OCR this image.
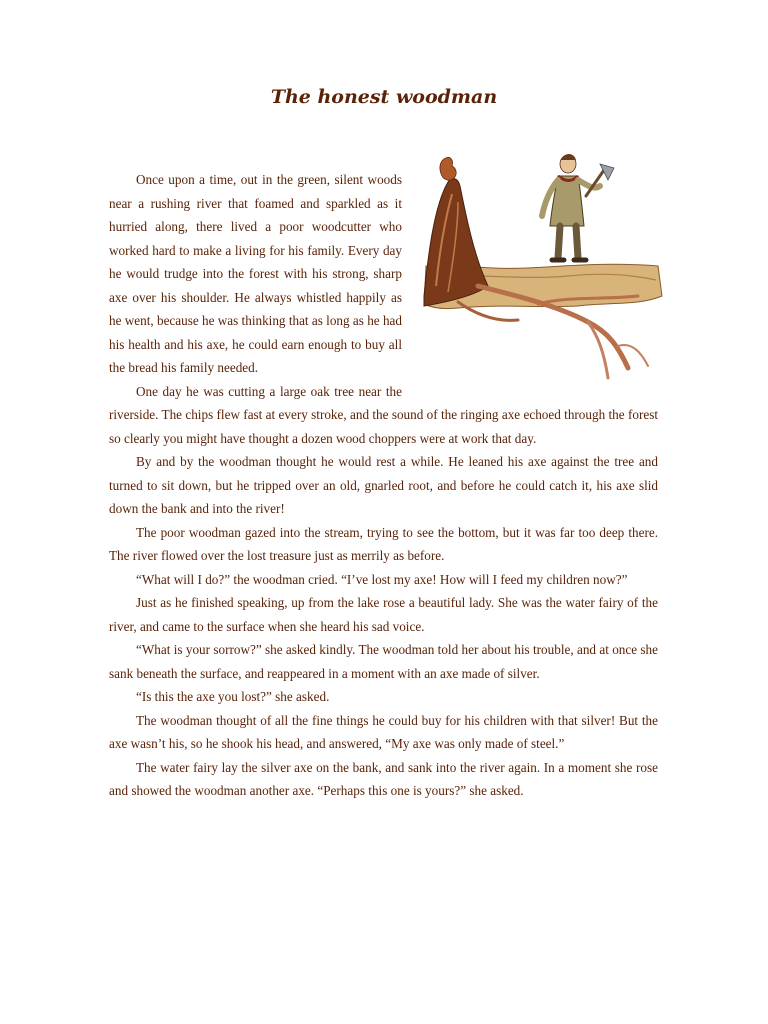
The honest woodman

Once upon a time, out in the green, silent woods near a rushing river that foamed and sparkled as it hurried along, there lived a poor woodcutter who worked hard to make a living for his family. Every day he would trudge into the forest with his strong, sharp axe over his shoulder. He always whistled happily as he went, because he was thinking that as long as he had his health and his axe, he could earn enough to buy all the bread his family needed.

One day he was cutting a large oak tree near the riverside. The chips flew fast at every stroke, and the sound of the ringing axe echoed through the forest so clearly you might have thought a dozen wood choppers were at work that day.

By and by the woodman thought he would rest a while. He leaned his axe against the tree and turned to sit down, but he tripped over an old, gnarled root, and before he could catch it, his axe slid down the bank and into the river!

The poor woodman gazed into the stream, trying to see the bottom, but it was far too deep there. The river flowed over the lost treasure just as merrily as before.

“What will I do?” the woodman cried. “I’ve lost my axe! How will I feed my children now?”

Just as he finished speaking, up from the lake rose a beautiful lady. She was the water fairy of the river, and came to the surface when she heard his sad voice.

“What is your sorrow?” she asked kindly. The woodman told her about his trouble, and at once she sank beneath the surface, and reappeared in a moment with an axe made of silver.

“Is this the axe you lost?” she asked.

The woodman thought of all the fine things he could buy for his children with that silver! But the axe wasn’t his, so he shook his head, and answered, “My axe was only made of steel.”

The water fairy lay the silver axe on the bank, and sank into the river again. In a moment she rose and showed the woodman another axe. “Perhaps this one is yours?” she asked.
